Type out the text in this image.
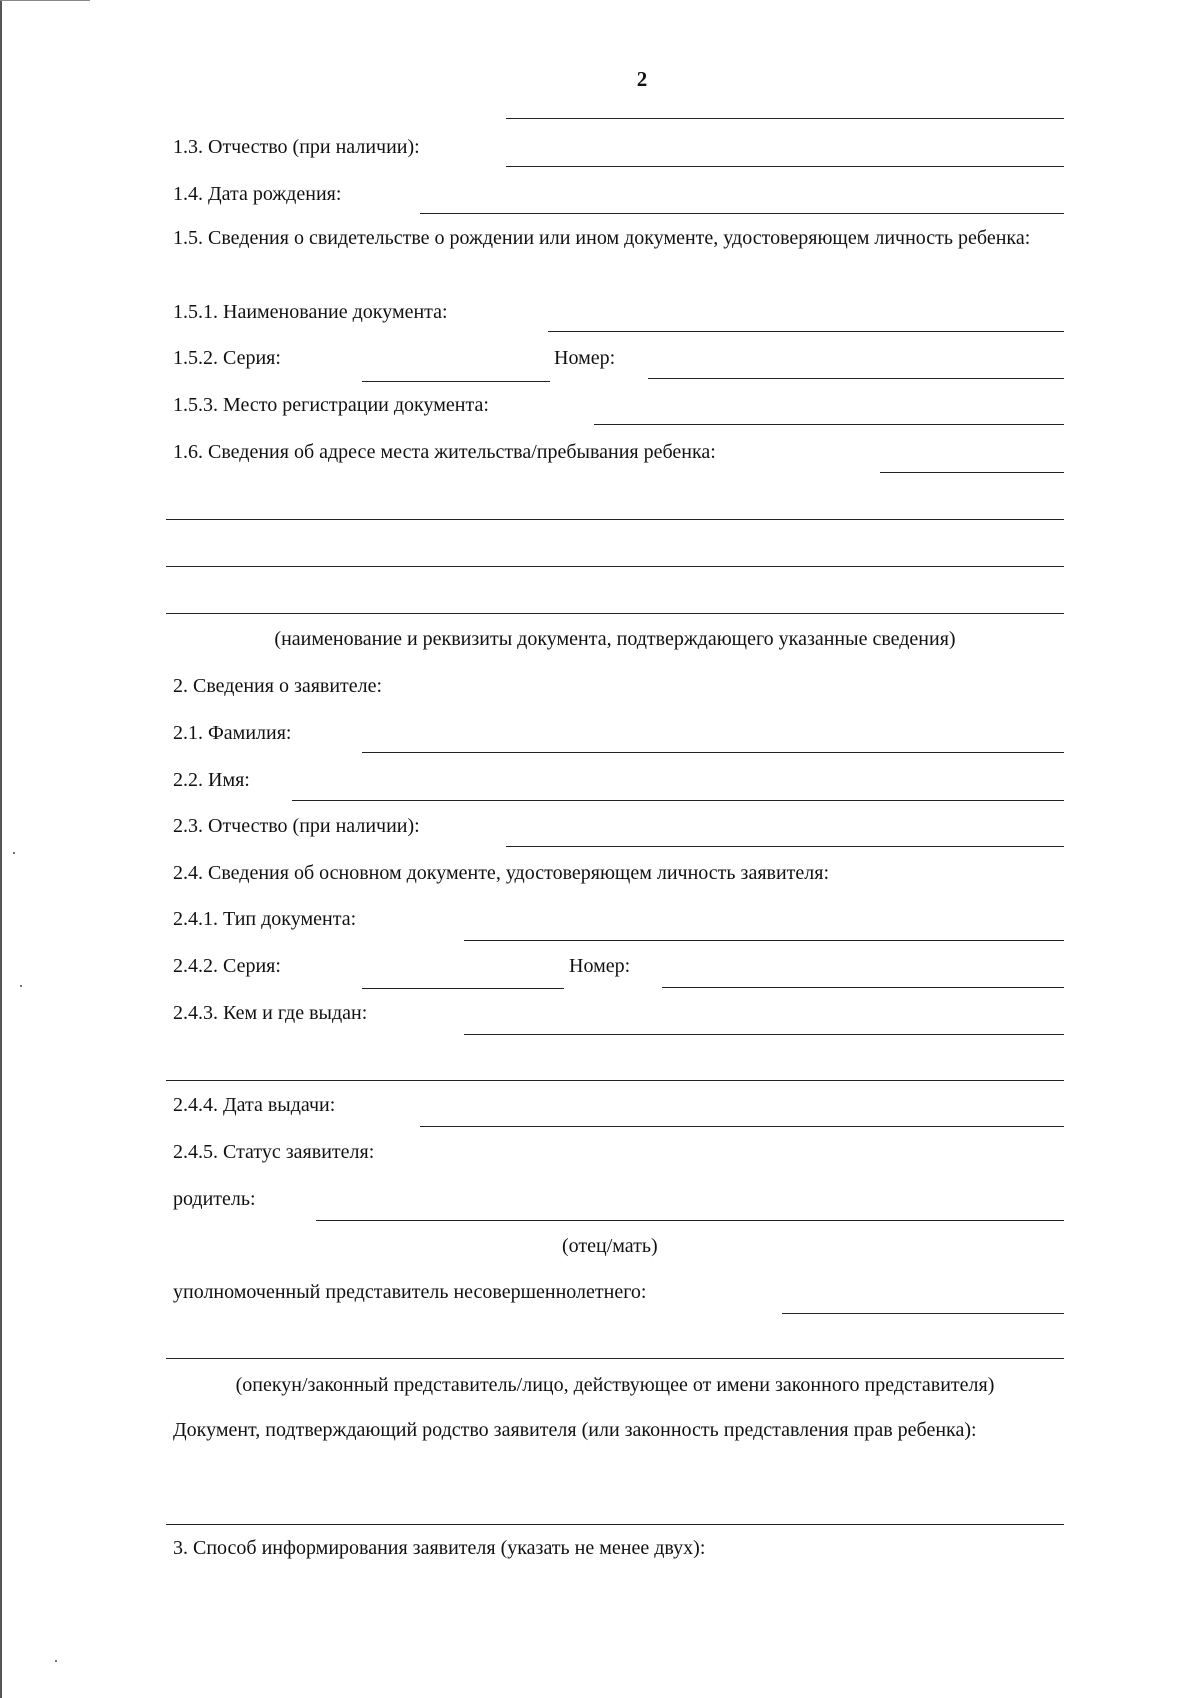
2
1.3. Отчество (при наличии):
1.4. Дата рождения:
1.5. Сведения о свидетельстве о рождении или ином документе, удостоверяющем личность ребенка:
1.5.1. Наименование документа:
1.5.2. Серия:	Номер:
1.5.3. Место регистрации документа:
1.6. Сведения об адресе места жительства/пребывания ребенка:
(наименование и реквизиты документа, подтверждающего указанные сведения)
2. Сведения о заявителе:
2.1. Фамилия:
2.2. Имя:
2.3. Отчество (при наличии):
2.4. Сведения об основном документе, удостоверяющем личность заявителя:
2.4.1. Тип документа:
2.4.2. Серия:	Номер:
2.4.3. Кем и где выдан:
2.4.4. Дата выдачи:
2.4.5. Статус заявителя:
родитель:
(отец/мать)
уполномоченный представитель несовершеннолетнего:
(опекун/законный представитель/лицо, действующее от имени законного представителя)
Документ, подтверждающий родство заявителя (или законность представления прав ребенка):
3. Способ информирования заявителя (указать не менее двух):
